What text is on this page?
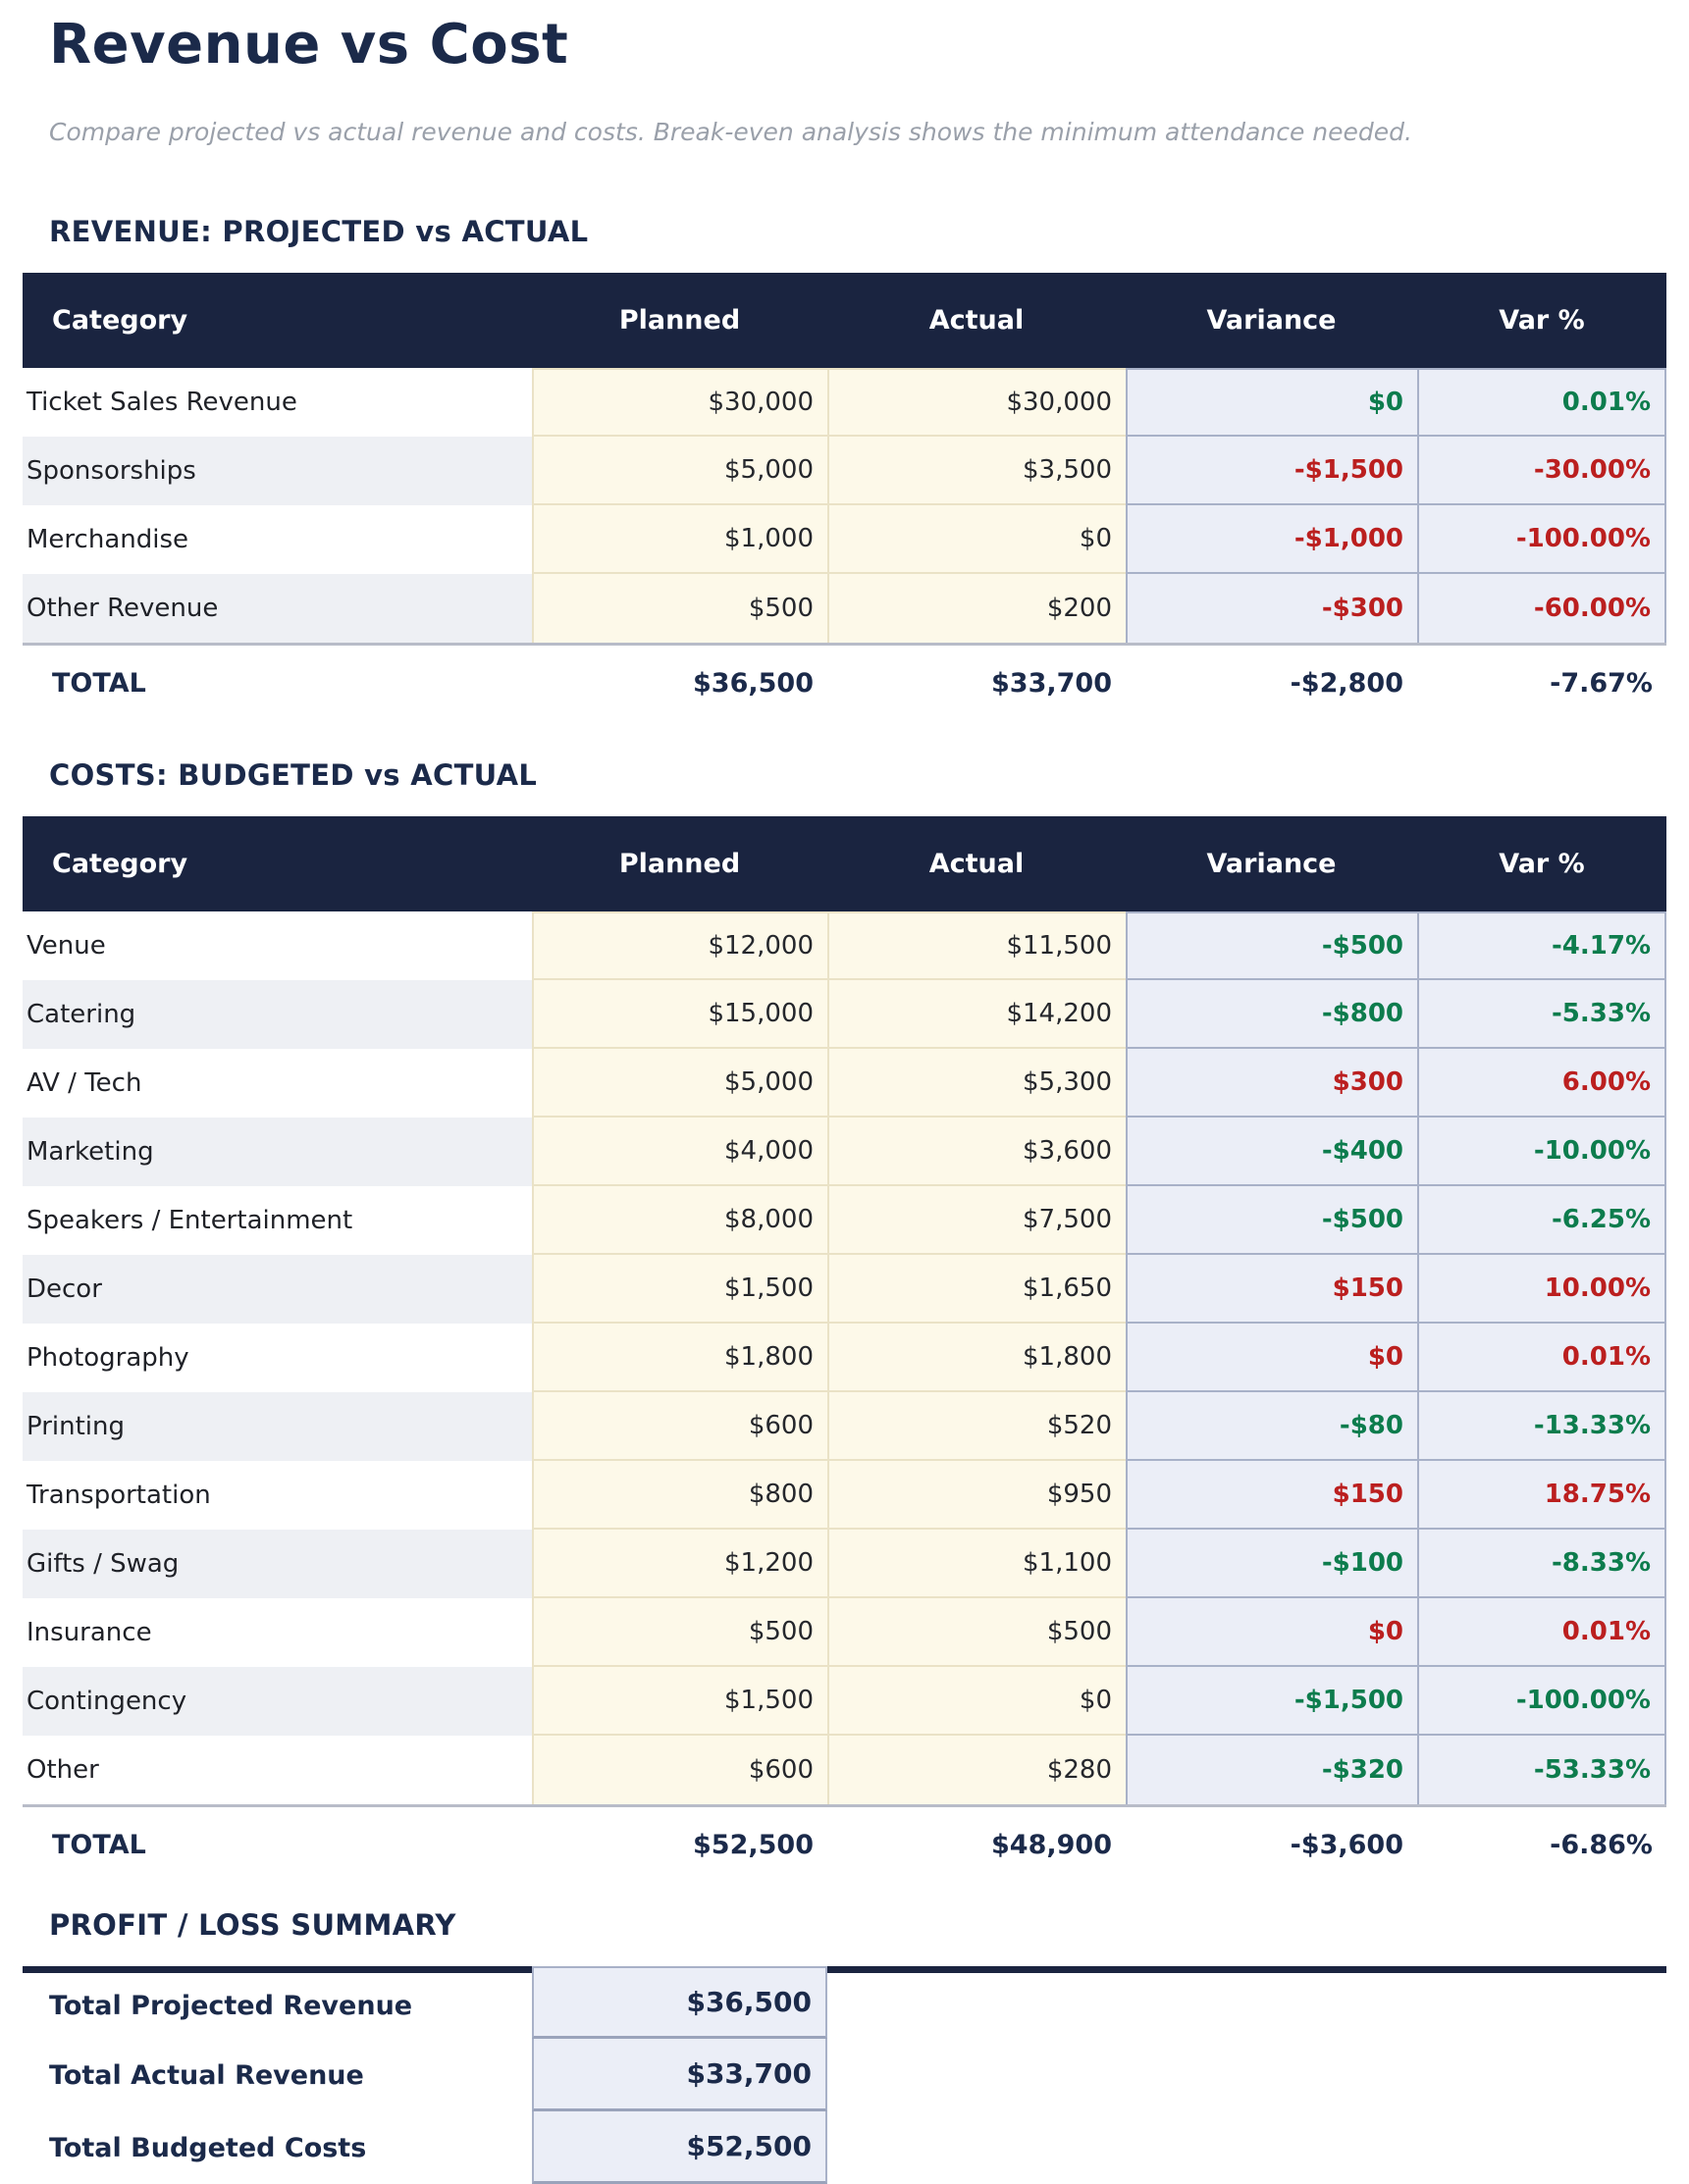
Revenue vs Cost

Compare projected vs actual revenue and costs. Break-even analysis shows the minimum attendance needed.

REVENUE: PROJECTED vs ACTUAL
Category	Planned	Actual	Variance	Var %
Ticket Sales Revenue	$30,000	$30,000	$0	0.01%
Sponsorships	$5,000	$3,500	-$1,500	-30.00%
Merchandise	$1,000	$0	-$1,000	-100.00%
Other Revenue	$500	$200	-$300	-60.00%
TOTAL	$36,500	$33,700	-$2,800	-7.67%
COSTS: BUDGETED vs ACTUAL
Category	Planned	Actual	Variance	Var %
Venue	$12,000	$11,500	-$500	-4.17%
Catering	$15,000	$14,200	-$800	-5.33%
AV / Tech	$5,000	$5,300	$300	6.00%
Marketing	$4,000	$3,600	-$400	-10.00%
Speakers / Entertainment	$8,000	$7,500	-$500	-6.25%
Decor	$1,500	$1,650	$150	10.00%
Photography	$1,800	$1,800	$0	0.01%
Printing	$600	$520	-$80	-13.33%
Transportation	$800	$950	$150	18.75%
Gifts / Swag	$1,200	$1,100	-$100	-8.33%
Insurance	$500	$500	$0	0.01%
Contingency	$1,500	$0	-$1,500	-100.00%
Other	$600	$280	-$320	-53.33%
TOTAL	$52,500	$48,900	-$3,600	-6.86%
PROFIT / LOSS SUMMARY
Total Projected Revenue	$36,500	
Total Actual Revenue	$33,700	
Total Budgeted Costs	$52,500	
